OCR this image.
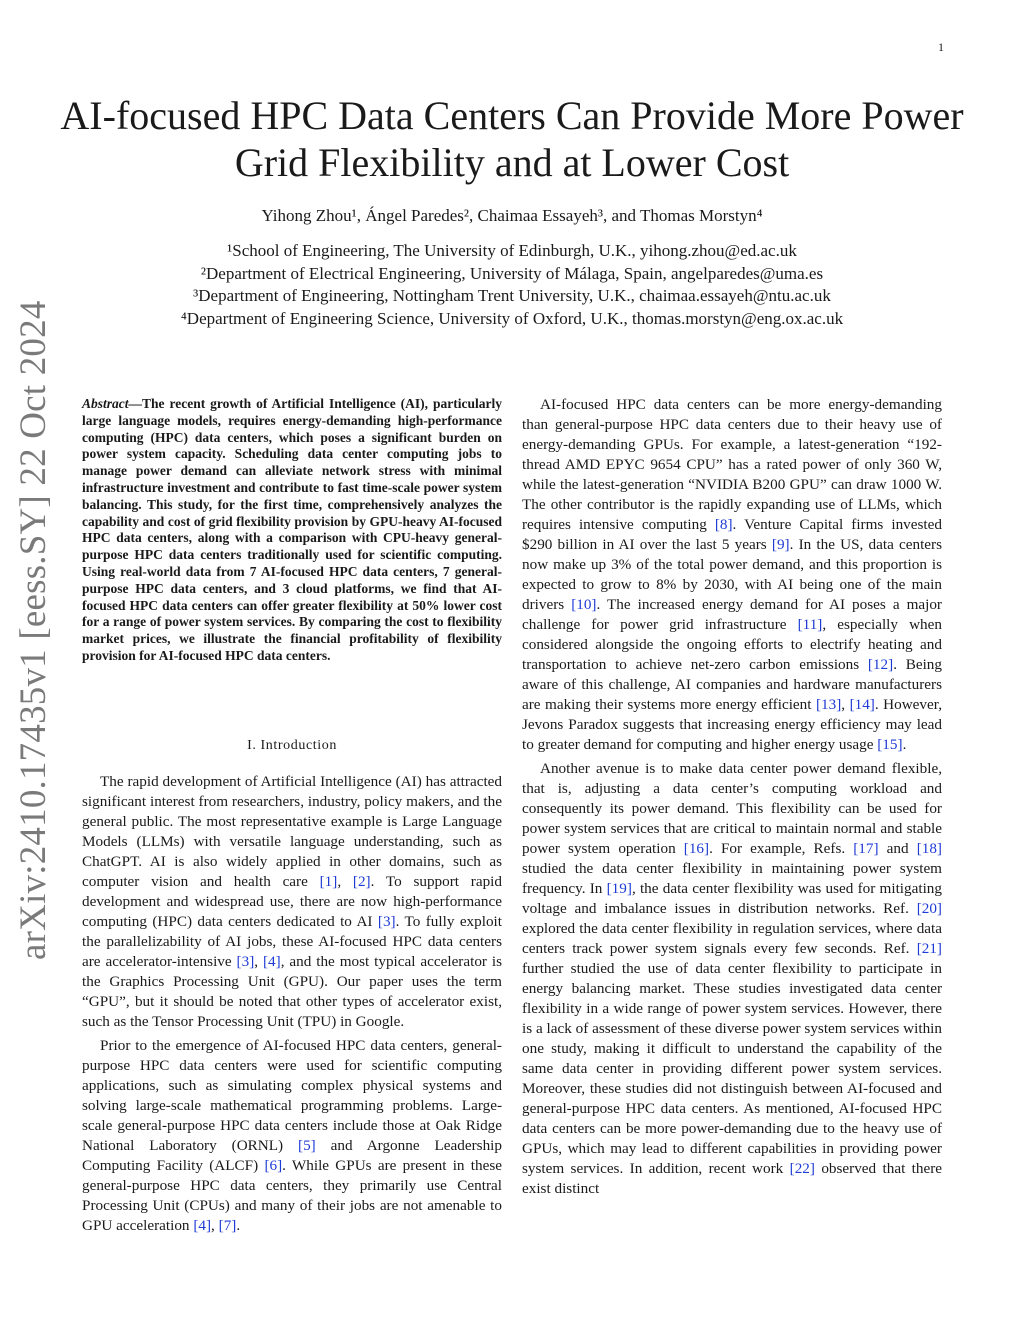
1
arXiv:2410.17435v1 [eess.SY] 22 Oct 2024
AI-focused HPC Data Centers Can Provide More Power Grid Flexibility and at Lower Cost
Yihong Zhou¹, Ángel Paredes², Chaimaa Essayeh³, and Thomas Morstyn⁴
¹School of Engineering, The University of Edinburgh, U.K., yihong.zhou@ed.ac.uk
²Department of Electrical Engineering, University of Málaga, Spain, angelparedes@uma.es
³Department of Engineering, Nottingham Trent University, U.K., chaimaa.essayeh@ntu.ac.uk
⁴Department of Engineering Science, University of Oxford, U.K., thomas.morstyn@eng.ox.ac.uk
Abstract—The recent growth of Artificial Intelligence (AI), particularly large language models, requires energy-demanding high-performance computing (HPC) data centers, which poses a significant burden on power system capacity. Scheduling data center computing jobs to manage power demand can alleviate network stress with minimal infrastructure investment and contribute to fast time-scale power system balancing. This study, for the first time, comprehensively analyzes the capability and cost of grid flexibility provision by GPU-heavy AI-focused HPC data centers, along with a comparison with CPU-heavy general-purpose HPC data centers traditionally used for scientific computing. Using real-world data from 7 AI-focused HPC data centers, 7 general-purpose HPC data centers, and 3 cloud platforms, we find that AI-focused HPC data centers can offer greater flexibility at 50% lower cost for a range of power system services. By comparing the cost to flexibility market prices, we illustrate the financial profitability of flexibility provision for AI-focused HPC data centers.
I. Introduction

The rapid development of Artificial Intelligence (AI) has attracted significant interest from researchers, industry, policy makers, and the general public. The most representative example is Large Language Models (LLMs) with versatile language understanding, such as ChatGPT. AI is also widely applied in other domains, such as computer vision and health care [1], [2]. To support rapid development and widespread use, there are now high-performance computing (HPC) data centers dedicated to AI [3]. To fully exploit the parallelizability of AI jobs, these AI-focused HPC data centers are accelerator-intensive [3], [4], and the most typical accelerator is the Graphics Processing Unit (GPU). Our paper uses the term “GPU”, but it should be noted that other types of accelerator exist, such as the Tensor Processing Unit (TPU) in Google.

Prior to the emergence of AI-focused HPC data centers, general-purpose HPC data centers were used for scientific computing applications, such as simulating complex physical systems and solving large-scale mathematical programming problems. Large-scale general-purpose HPC data centers include those at Oak Ridge National Laboratory (ORNL) [5] and Argonne Leadership Computing Facility (ALCF) [6]. While GPUs are present in these general-purpose HPC data centers, they primarily use Central Processing Unit (CPUs) and many of their jobs are not amenable to GPU acceleration [4], [7].

AI-focused HPC data centers can be more energy-demanding than general-purpose HPC data centers due to their heavy use of energy-demanding GPUs. For example, a latest-generation “192-thread AMD EPYC 9654 CPU” has a rated power of only 360 W, while the latest-generation “NVIDIA B200 GPU” can draw 1000 W. The other contributor is the rapidly expanding use of LLMs, which requires intensive computing [8]. Venture Capital firms invested $290 billion in AI over the last 5 years [9]. In the US, data centers now make up 3% of the total power demand, and this proportion is expected to grow to 8% by 2030, with AI being one of the main drivers [10]. The increased energy demand for AI poses a major challenge for power grid infrastructure [11], especially when considered alongside the ongoing efforts to electrify heating and transportation to achieve net-zero carbon emissions [12]. Being aware of this challenge, AI companies and hardware manufacturers are making their systems more energy efficient [13], [14]. However, Jevons Paradox suggests that increasing energy efficiency may lead to greater demand for computing and higher energy usage [15].

Another avenue is to make data center power demand flexible, that is, adjusting a data center’s computing workload and consequently its power demand. This flexibility can be used for power system services that are critical to maintain normal and stable power system operation [16]. For example, Refs. [17] and [18] studied the data center flexibility in maintaining power system frequency. In [19], the data center flexibility was used for mitigating voltage and imbalance issues in distribution networks. Ref. [20] explored the data center flexibility in regulation services, where data centers track power system signals every few seconds. Ref. [21] further studied the use of data center flexibility to participate in energy balancing market. These studies investigated data center flexibility in a wide range of power system services. However, there is a lack of assessment of these diverse power system services within one study, making it difficult to understand the capability of the same data center in providing different power system services. Moreover, these studies did not distinguish between AI-focused and general-purpose HPC data centers. As mentioned, AI-focused HPC data centers can be more power-demanding due to the heavy use of GPUs, which may lead to different capabilities in providing power system services. In addition, recent work [22] observed that there exist distinct
